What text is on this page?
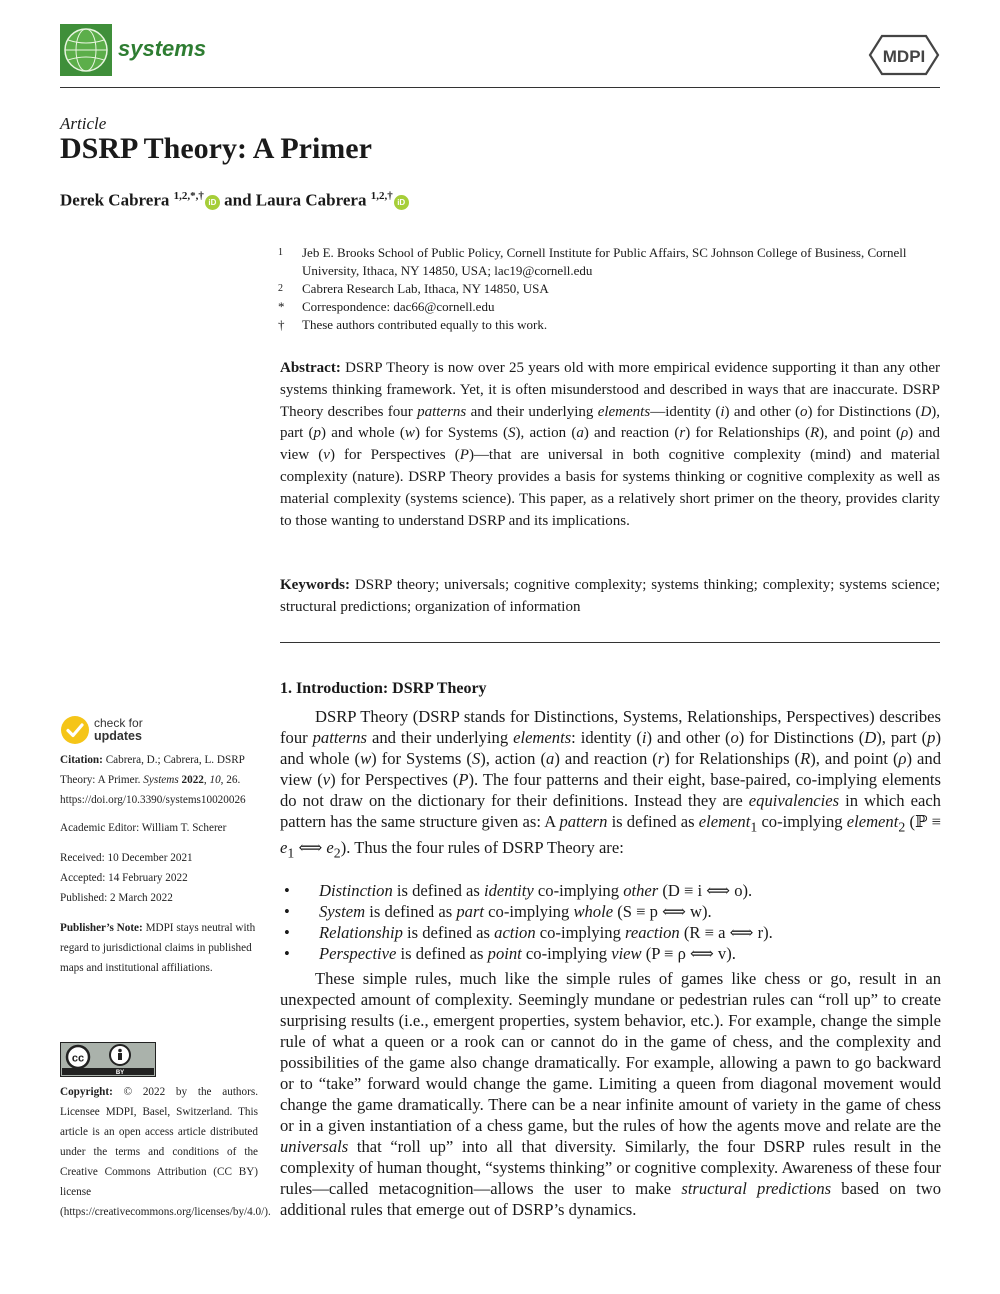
systems	MDPI
Article
DSRP Theory: A Primer
Derek Cabrera $^{1,2,*,\dagger}$iD and Laura Cabrera $^{1,2,\dagger}$iD
1	Jeb E. Brooks School of Public Policy, Cornell Institute for Public Affairs, SC Johnson College of Business, Cornell University, Ithaca, NY 14850, USA; lac19@cornell.edu
2	Cabrera Research Lab, Ithaca, NY 14850, USA
*	Correspondence: dac66@cornell.edu
†	These authors contributed equally to this work.

Abstract: DSRP Theory is now over 25 years old with more empirical evidence supporting it than any other systems thinking framework. Yet, it is often misunderstood and described in ways that are inaccurate. DSRP Theory describes four patterns and their underlying elements—identity (i) and other (o) for Distinctions (D), part (p) and whole (w) for Systems (S), action (a) and reaction (r) for Relationships (R), and point (ρ) and view (v) for Perspectives (P)—that are universal in both cognitive complexity (mind) and material complexity (nature). DSRP Theory provides a basis for systems thinking or cognitive complexity as well as material complexity (systems science). This paper, as a relatively short primer on the theory, provides clarity to those wanting to understand DSRP and its implications.

Keywords: DSRP theory; universals; cognitive complexity; systems thinking; complexity; systems science; structural predictions; organization of information

1. Introduction: DSRP Theory

DSRP Theory (DSRP stands for Distinctions, Systems, Relationships, Perspectives) describes four patterns and their underlying elements: identity (i) and other (o) for Distinctions (D), part (p) and whole (w) for Systems (S), action (a) and reaction (r) for Relationships (R), and point (ρ) and view (v) for Perspectives (P). The four patterns and their eight, base-paired, co-implying elements do not draw on the dictionary for their definitions. Instead they are equivalencies in which each pattern has the same structure given as: A pattern is defined as element$_1$ co-implying element$_2$ (ℙ ≡ $e_1$ ⟺ $e_2$). Thus the four rules of DSRP Theory are:

•	Distinction is defined as identity co-implying other (D ≡ i ⟺ o).
•	System is defined as part co-implying whole (S ≡ p ⟺ w).
•	Relationship is defined as action co-implying reaction (R ≡ a ⟺ r).
•	Perspective is defined as point co-implying view (P ≡ ρ ⟺ v).

These simple rules, much like the simple rules of games like chess or go, result in an unexpected amount of complexity. Seemingly mundane or pedestrian rules can “roll up” to create surprising results (i.e., emergent properties, system behavior, etc.). For example, change the simple rule of what a queen or a rook can or cannot do in the game of chess, and the complexity and possibilities of the game also change dramatically. For example, allowing a pawn to go backward or to “take” forward would change the game. Limiting a queen from diagonal movement would change the game dramatically. There can be a near infinite amount of variety in the game of chess or in a given instantiation of a chess game, but the rules of how the agents move and relate are the universals that “roll up” into all that diversity. Similarly, the four DSRP rules result in the complexity of human thought, “systems thinking” or cognitive complexity. Awareness of these four rules—called metacognition—allows the user to make structural predictions based on two additional rules that emerge out of DSRP’s dynamics.

check for
updates

Citation: Cabrera, D.; Cabrera, L. DSRP Theory: A Primer. Systems 2022, 10, 26. https://doi.org/10.3390/systems10020026

Academic Editor: William T. Scherer

Received: 10 December 2021

Accepted: 14 February 2022

Published: 2 March 2022

Publisher’s Note: MDPI stays neutral with regard to jurisdictional claims in published maps and institutional affiliations.

cc
BY

Copyright: © 2022 by the authors. Licensee MDPI, Basel, Switzerland. This article is an open access article distributed under the terms and conditions of the Creative Commons Attribution (CC BY) license (https://creativecommons.org/licenses/by/4.0/).
